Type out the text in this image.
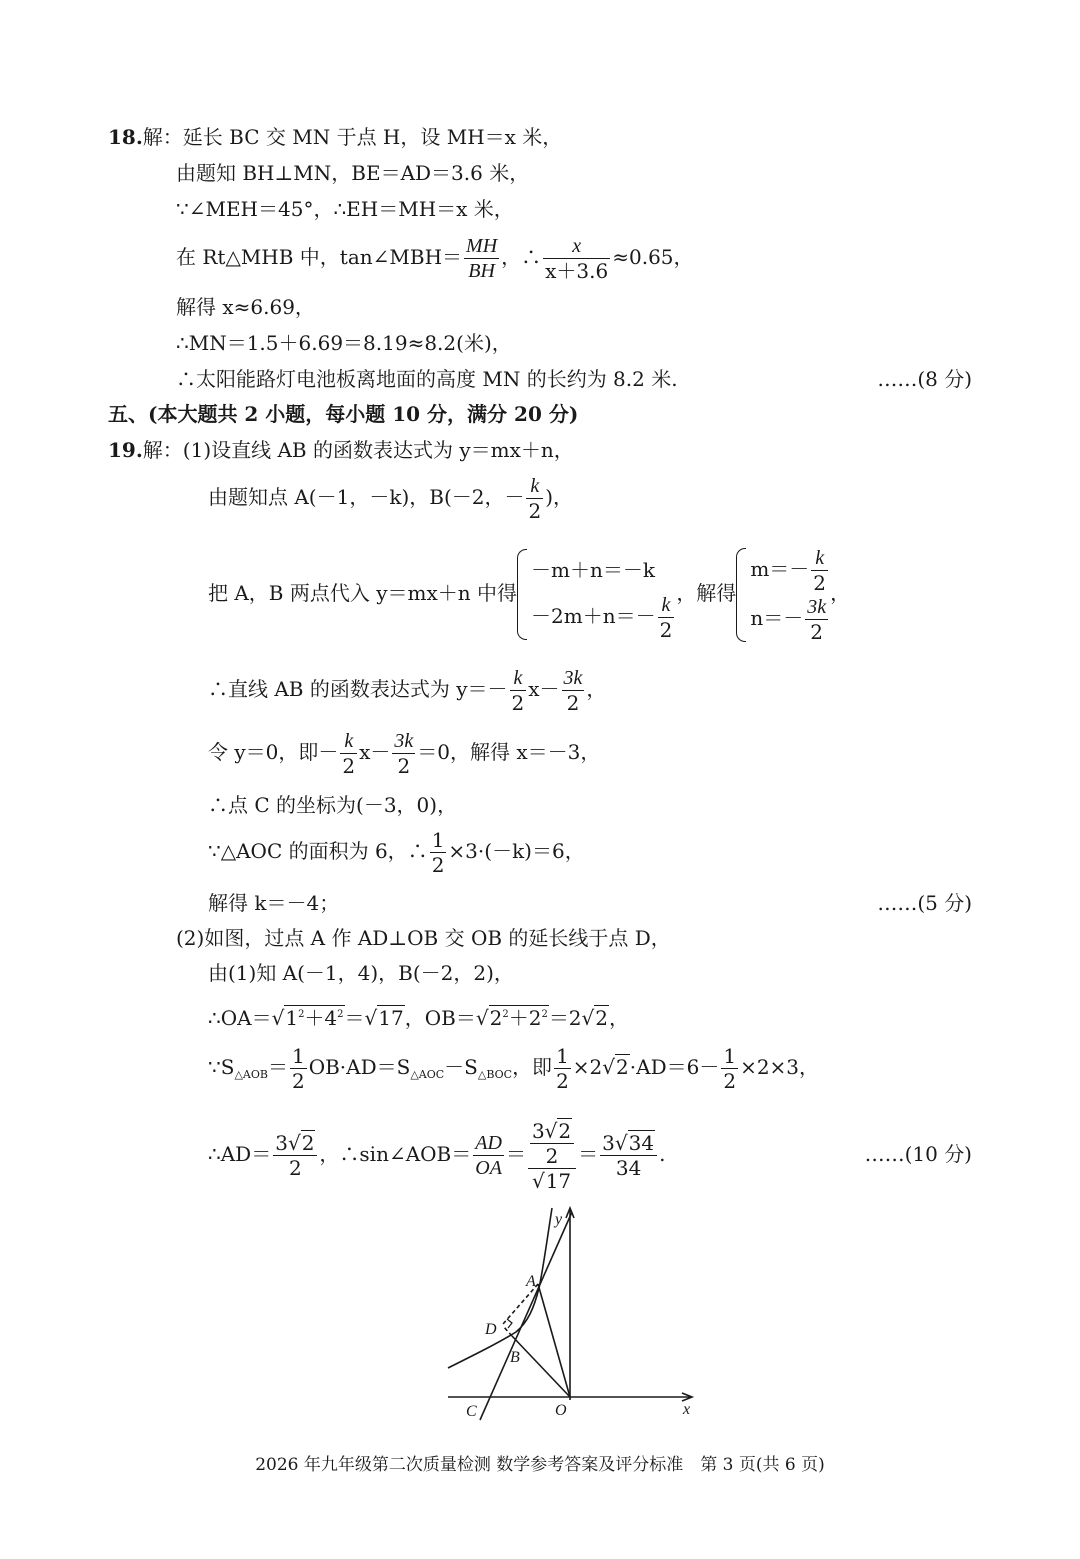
18.解：延长 BC 交 MN 于点 H，设 MH＝x 米，
由题知 BH⊥MN，BE＝AD＝3.6 米，
∵∠MEH＝45°，∴EH＝MH＝x 米，
在 Rt△MHB 中，tan∠MBH＝ $\frac{MH}{BH}$ ，∴ $\frac{x}{x+3.6} \approx 0.65$，
解得 x≈6.69，
∴MN＝1.5＋6.69＝8.19≈8.2(米)，
∴太阳能路灯电池板离地面的高度 MN 的长约为 8.2 米.	……(8 分)
五、(本大题共 2 小题，每小题 10 分，满分 20 分)
19.解：(1)设直线 AB 的函数表达式为 y＝mx＋n，
由题知点 A(－1，－k)，B(－2，－ $\frac{k}{2}$ )，
把 A，B 两点代入 y＝mx＋n 中得
－m＋n＝－k
$-2m+n=- \frac{k}{2}$ ，解得
$m=- \frac{k}{2}$
$n=- \frac{3k}{2}$
，
∴直线 AB 的函数表达式为 $y=- \frac{k}{2} x- \frac{3k}{2}$ ，
令 y＝0，即－ $\frac{k}{2} x- \frac{3k}{2} =0$，解得 x＝－3，
∴点 C 的坐标为(－3，0)，
∵△AOC 的面积为 6，∴ $\frac{1}{2} \times 3\cdot(-k)=6$，
解得 k＝－4；	……(5 分)
(2)如图，过点 A 作 AD⊥OB 交 OB 的延长线于点 D，
由(1)知 A(－1，4)，B(－2，2)，
$\therefore OA=√1^2+4^2=√17$，$OB=√2^2+2^2=2√2$，
$\because S_{\triangle AOB}= \frac{1}{2} OB\cdot AD=S_{\triangle AOC}-S_{\triangle BOC}$，即 $\frac{1}{2} \times 2√2\cdot AD=6- \frac{1}{2} \times 2\times 3$，
∴AD＝ $\frac{3√2}{2}$ ，∴sin∠AOB＝ $\frac{AD}{OA} = \frac{\frac{3√2}{2}}{√17} = \frac{3√34}{34}$ .	……(10 分)
y
x
A
B
C
D
O
2026 年九年级第二次质量检测 数学参考答案及评分标准　第 3 页(共 6 页)
